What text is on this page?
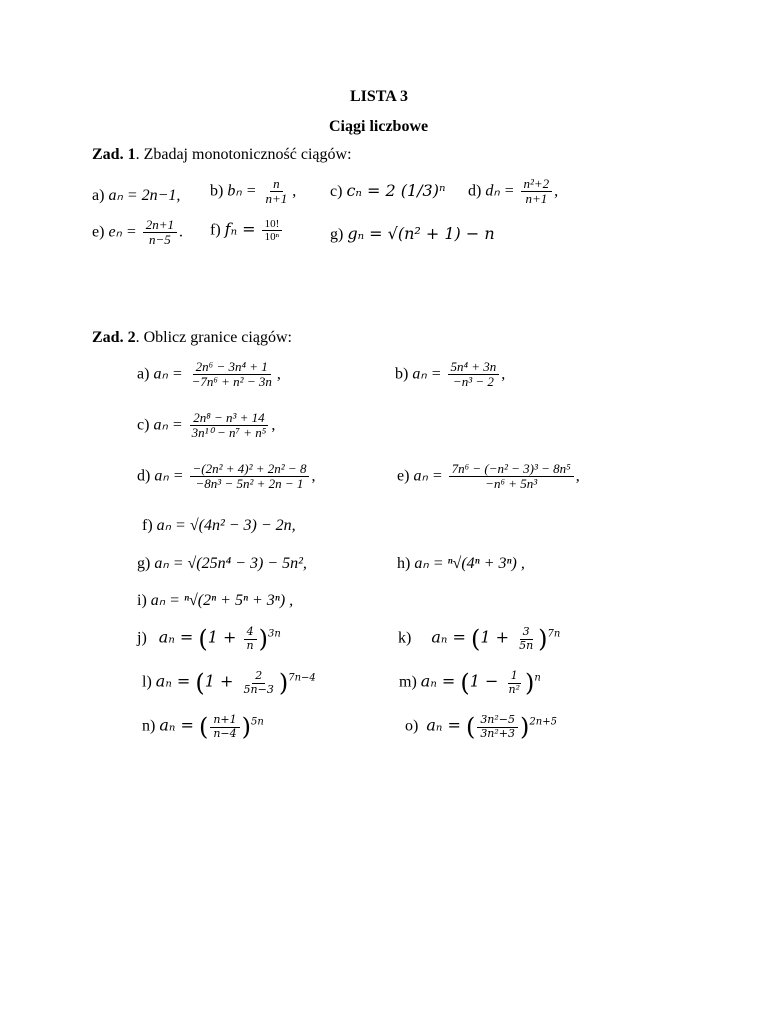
LISTA 3
Ciągi liczbowe
Zad. 1. Zbadaj monotoniczność ciągów:
a) aₙ = 2n−1, b) $b_n = \frac{n}{n+1}$ , c) cₙ = 2 (1/3)ⁿ d) $d_n = \frac{\text{n²+2}}{n+1}$ ,
e) $e_n = \frac{2n+1}{n-5}$ . f) $f_n = \frac{10!}{\text{10ⁿ}}$	g) gₙ = √(n² + 1) − n
Zad. 2. Oblicz granice ciągów:
a) $a_n = \frac{\text{2n⁶ − 3n⁴ + 1}}{\text{−7n⁶ + n² − 3n}}$ ,	b) $a_n = \frac{\text{5n⁴ + 3n}}{\text{−n³ − 2}}$ ,
c) $a_n = \frac{\text{2n⁸ − n³ + 14}}{\text{3n¹⁰ − n⁷ + n⁵}}$ ,
d) $a_n = \frac{\text{−(2n² + 4)² + 2n² − 8}}{\text{−8n³ − 5n² + 2n − 1}}$ ,	e) $a_n = \frac{\text{7n⁶ − (−n² − 3)³ − 8n⁵}}{\text{−n⁶ + 5n³}}$ ,
f) aₙ = √(4n² − 3) − 2n,
g) aₙ = √(25n⁴ − 3) − 5n²,	h) aₙ = ⁿ√(4ⁿ + 3ⁿ) ,
i) aₙ = ⁿ√(2ⁿ + 5ⁿ + 3ⁿ) ,
j) $a_n = (1 + \frac{4}{n} )^{3n}$	k) $a_n = (1 + \frac{3}{5n} )^{7n}$
l) $a_n = (1 + \frac{2}{5n-3} )^{7n-4}$	m) $a_n = (1 - \frac{1}{\text{n²}} )^n$
n) aₙ = ( $\frac{n+1}{n-4} )^{5n}$	o) aₙ = ( $\frac{\text{3n²−5}}{\text{3n²+3}} )^{2n+5}$
